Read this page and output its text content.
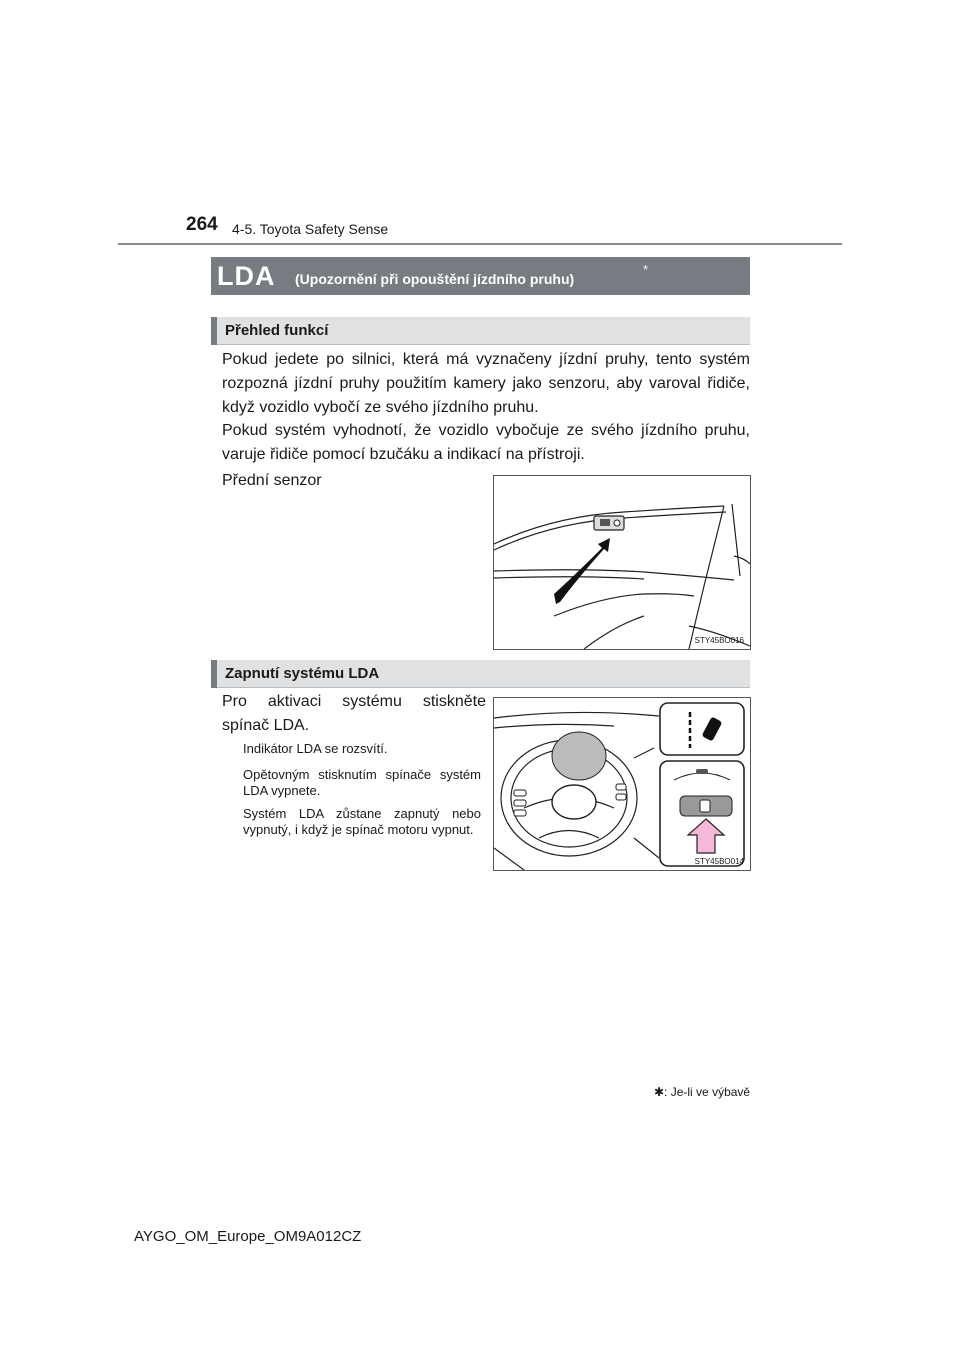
264 4-5. Toyota Safety Sense
LDA (Upozornění při opouštění jízdního pruhu)
*
Přehled funkcí
Pokud jedete po silnici, která má vyznačeny jízdní pruhy, tento systém rozpozná jízdní pruhy použitím kamery jako senzoru, aby varoval řidiče, když vozidlo vybočí ze svého jízdního pruhu.
Pokud systém vyhodnotí, že vozidlo vybočuje ze svého jízdního pruhu, varuje řidiče pomocí bzučáku a indikací na přístroji.
Přední senzor
STY45BO016
Zapnutí systému LDA
Pro aktivaci systému stiskněte spínač LDA.
Indikátor LDA se rozsvítí.
Opětovným stisknutím spínače systém LDA vypnete.
Systém LDA zůstane zapnutý nebo vypnutý, i když je spínač motoru vypnut.
STY45BO014
✱: Je-li ve výbavě
AYGO_OM_Europe_OM9A012CZ
